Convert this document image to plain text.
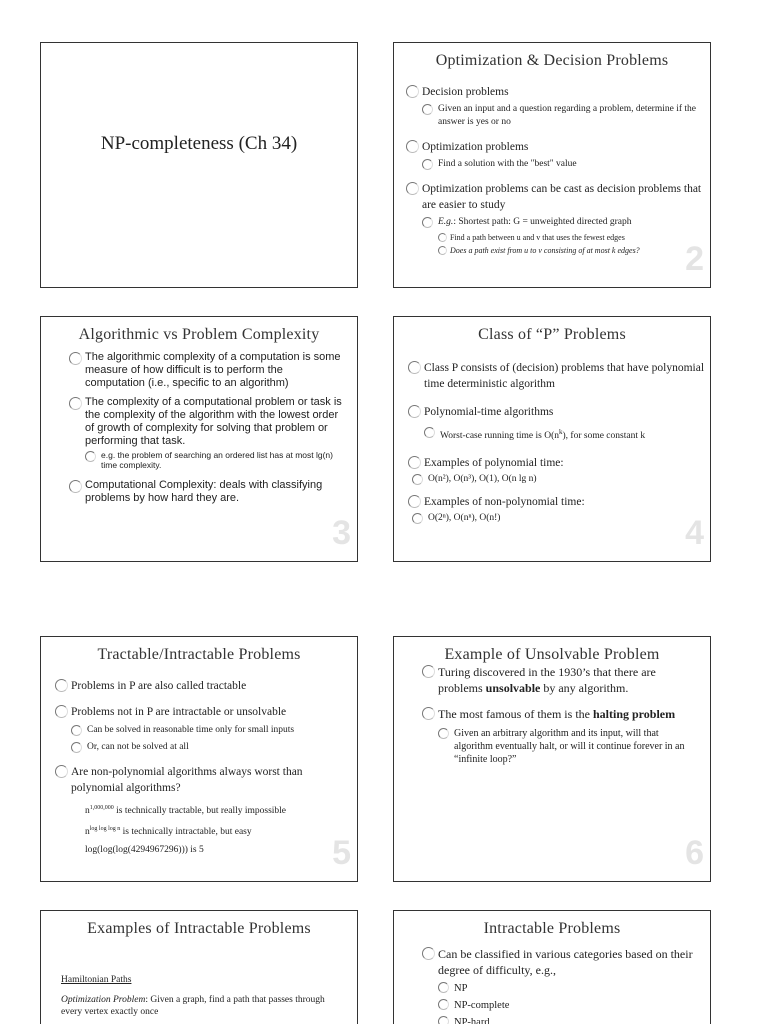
NP-completeness (Ch 34)
Optimization & Decision Problems
Decision problems
Given an input and a question regarding a problem, determine if the answer is yes or no
Optimization problems
Find a solution with the "best" value
Optimization problems can be cast as decision problems that are easier to study
E.g.: Shortest path: G = unweighted directed graph
Find a path between u and v that uses the fewest edges
Does a path exist from u to v consisting of at most k edges?	2
Algorithmic vs Problem Complexity
The algorithmic complexity of a computation is some measure of how difficult is to perform the computation (i.e., specific to an algorithm)
The complexity of a computational problem or task is the complexity of the algorithm with the lowest order of growth of complexity for solving that problem or performing that task.
e.g. the problem of searching an ordered list has at most lg(n) time complexity.
Computational Complexity: deals with classifying problems by how hard they are.
3
Class of “P” Problems
Class P consists of (decision) problems that have polynomial time deterministic algorithm
Polynomial-time algorithms
Worst-case running time is $O(n^k)$, for some constant k
Examples of polynomial time:
O(n²), O(n³), O(1), O(n lg n)
Examples of non-polynomial time:
O(2ⁿ), O(nⁿ), O(n!)	4
Tractable/Intractable Problems
Problems in P are also called tractable
Problems not in P are intractable or unsolvable
Can be solved in reasonable time only for small inputs
Or, can not be solved at all
Are non-polynomial algorithms always worst than polynomial algorithms?
$n^{1,000,000}$ is technically tractable, but really impossible
$n^{log log log n}$ is technically intractable, but easy
log(log(log(4294967296))) is 5	5
Example of Unsolvable Problem
Turing discovered in the 1930’s that there are problems unsolvable by any algorithm.
The most famous of them is the halting problem
Given an arbitrary algorithm and its input, will that algorithm eventually halt, or will it continue forever in an “infinite loop?”
6
Examples of Intractable Problems
Hamiltonian Paths
Optimization Problem: Given a graph, find a path that passes through every vertex exactly once
Intractable Problems
Can be classified in various categories based on their degree of difficulty, e.g.,
NP
NP-complete
NP-hard
